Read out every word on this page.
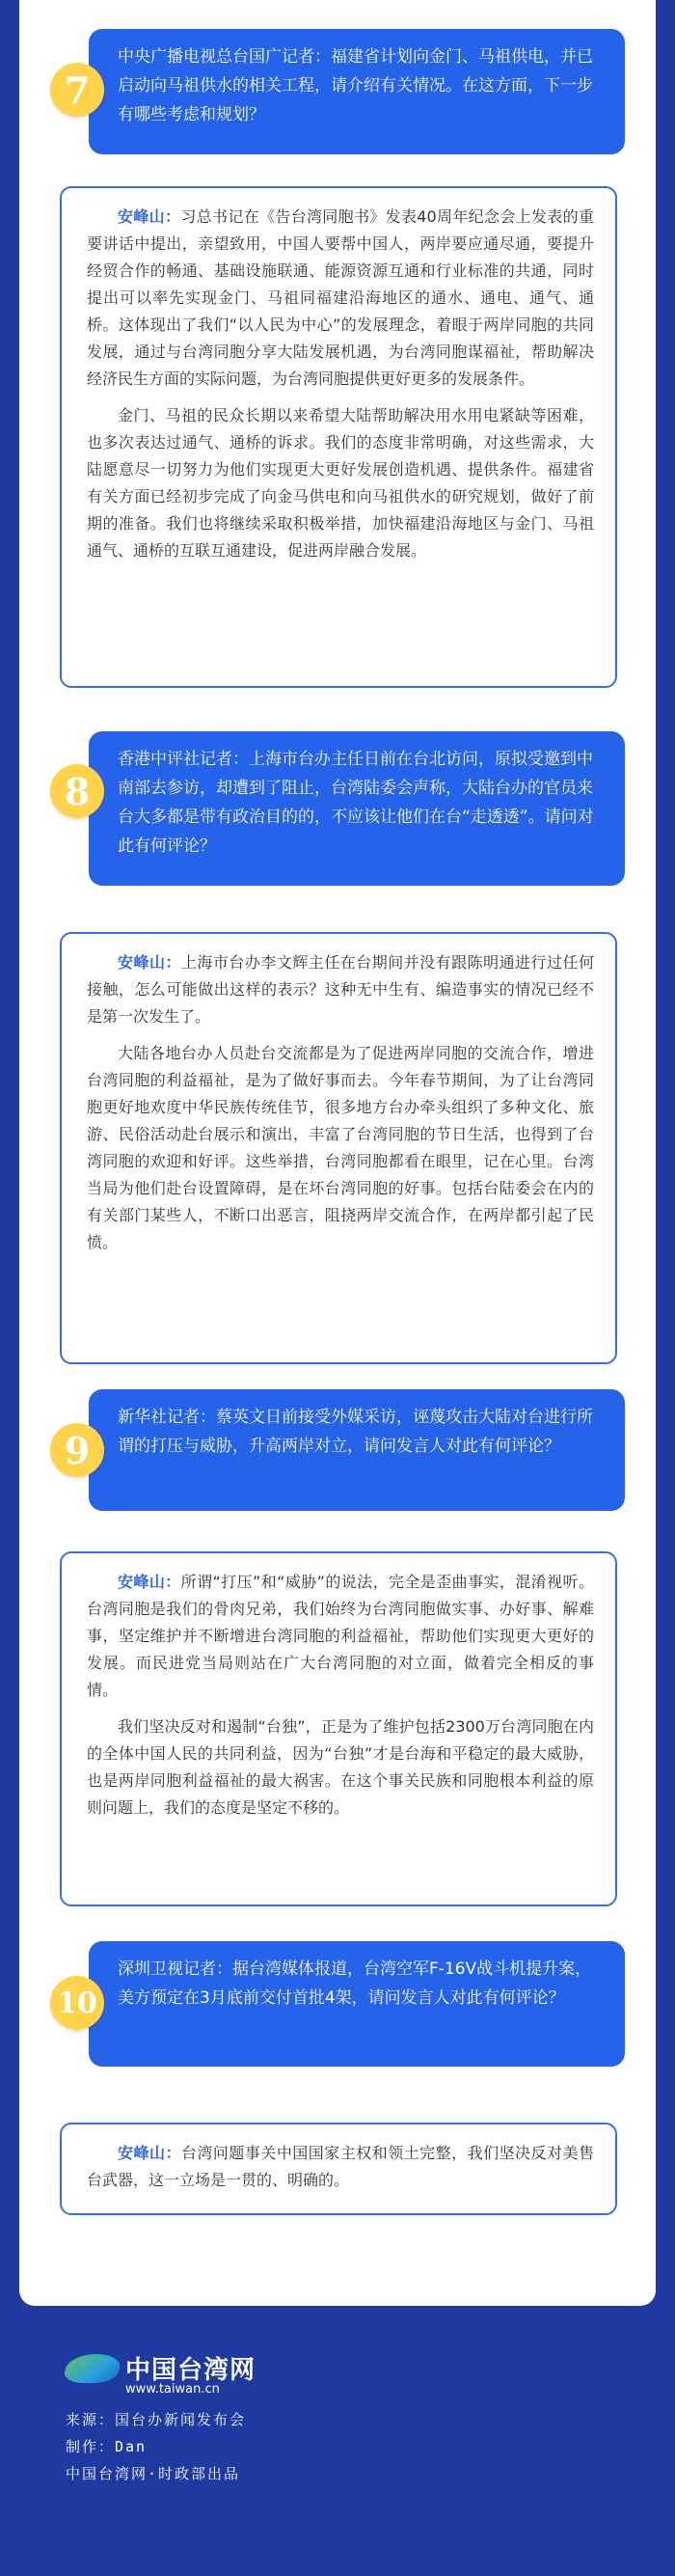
7
中央广播电视总台国广记者：福建省计划向金门、马祖供电，并已启动向马祖供水的相关工程，请介绍有关情况。在这方面，下一步有哪些考虑和规划？

安峰山：习总书记在《告台湾同胞书》发表40周年纪念会上发表的重要讲话中提出，亲望致用，中国人要帮中国人，两岸要应通尽通，要提升经贸合作的畅通、基础设施联通、能源资源互通和行业标准的共通，同时提出可以率先实现金门、马祖同福建沿海地区的通水、通电、通气、通桥。这体现出了我们“以人民为中心”的发展理念，着眼于两岸同胞的共同发展，通过与台湾同胞分享大陆发展机遇，为台湾同胞谋福祉，帮助解决经济民生方面的实际问题，为台湾同胞提供更好更多的发展条件。

金门、马祖的民众长期以来希望大陆帮助解决用水用电紧缺等困难，也多次表达过通气、通桥的诉求。我们的态度非常明确，对这些需求，大陆愿意尽一切努力为他们实现更大更好发展创造机遇、提供条件。福建省有关方面已经初步完成了向金马供电和向马祖供水的研究规划，做好了前期的准备。我们也将继续采取积极举措，加快福建沿海地区与金门、马祖通气、通桥的互联互通建设，促进两岸融合发展。

8
香港中评社记者：上海市台办主任日前在台北访问，原拟受邀到中南部去参访，却遭到了阻止，台湾陆委会声称，大陆台办的官员来台大多都是带有政治目的的，不应该让他们在台“走透透”。请问对此有何评论？

安峰山：上海市台办李文辉主任在台期间并没有跟陈明通进行过任何接触，怎么可能做出这样的表示？这种无中生有、编造事实的情况已经不是第一次发生了。

大陆各地台办人员赴台交流都是为了促进两岸同胞的交流合作，增进台湾同胞的利益福祉，是为了做好事而去。今年春节期间，为了让台湾同胞更好地欢度中华民族传统佳节，很多地方台办牵头组织了多种文化、旅游、民俗活动赴台展示和演出，丰富了台湾同胞的节日生活，也得到了台湾同胞的欢迎和好评。这些举措，台湾同胞都看在眼里，记在心里。台湾当局为他们赴台设置障碍，是在坏台湾同胞的好事。包括台陆委会在内的有关部门某些人，不断口出恶言，阻挠两岸交流合作，在两岸都引起了民愤。

9
新华社记者：蔡英文日前接受外媒采访，诬蔑攻击大陆对台进行所谓的打压与威胁，升高两岸对立，请问发言人对此有何评论？

安峰山：所谓“打压”和“威胁”的说法，完全是歪曲事实，混淆视听。台湾同胞是我们的骨肉兄弟，我们始终为台湾同胞做实事、办好事、解难事，坚定维护并不断增进台湾同胞的利益福祉，帮助他们实现更大更好的发展。而民进党当局则站在广大台湾同胞的对立面，做着完全相反的事情。

我们坚决反对和遏制“台独”，正是为了维护包括2300万台湾同胞在内的全体中国人民的共同利益，因为“台独”才是台海和平稳定的最大威胁，也是两岸同胞利益福祉的最大祸害。在这个事关民族和同胞根本利益的原则问题上，我们的态度是坚定不移的。

10
深圳卫视记者：据台湾媒体报道，台湾空军F-16V战斗机提升案，美方预定在3月底前交付首批4架，请问发言人对此有何评论？

安峰山：台湾问题事关中国国家主权和领土完整，我们坚决反对美售台武器，这一立场是一贯的、明确的。

中国台湾网
www.taiwan.cn
来源：国台办新闻发布会
制作：Dan
中国台湾网·时政部出品
